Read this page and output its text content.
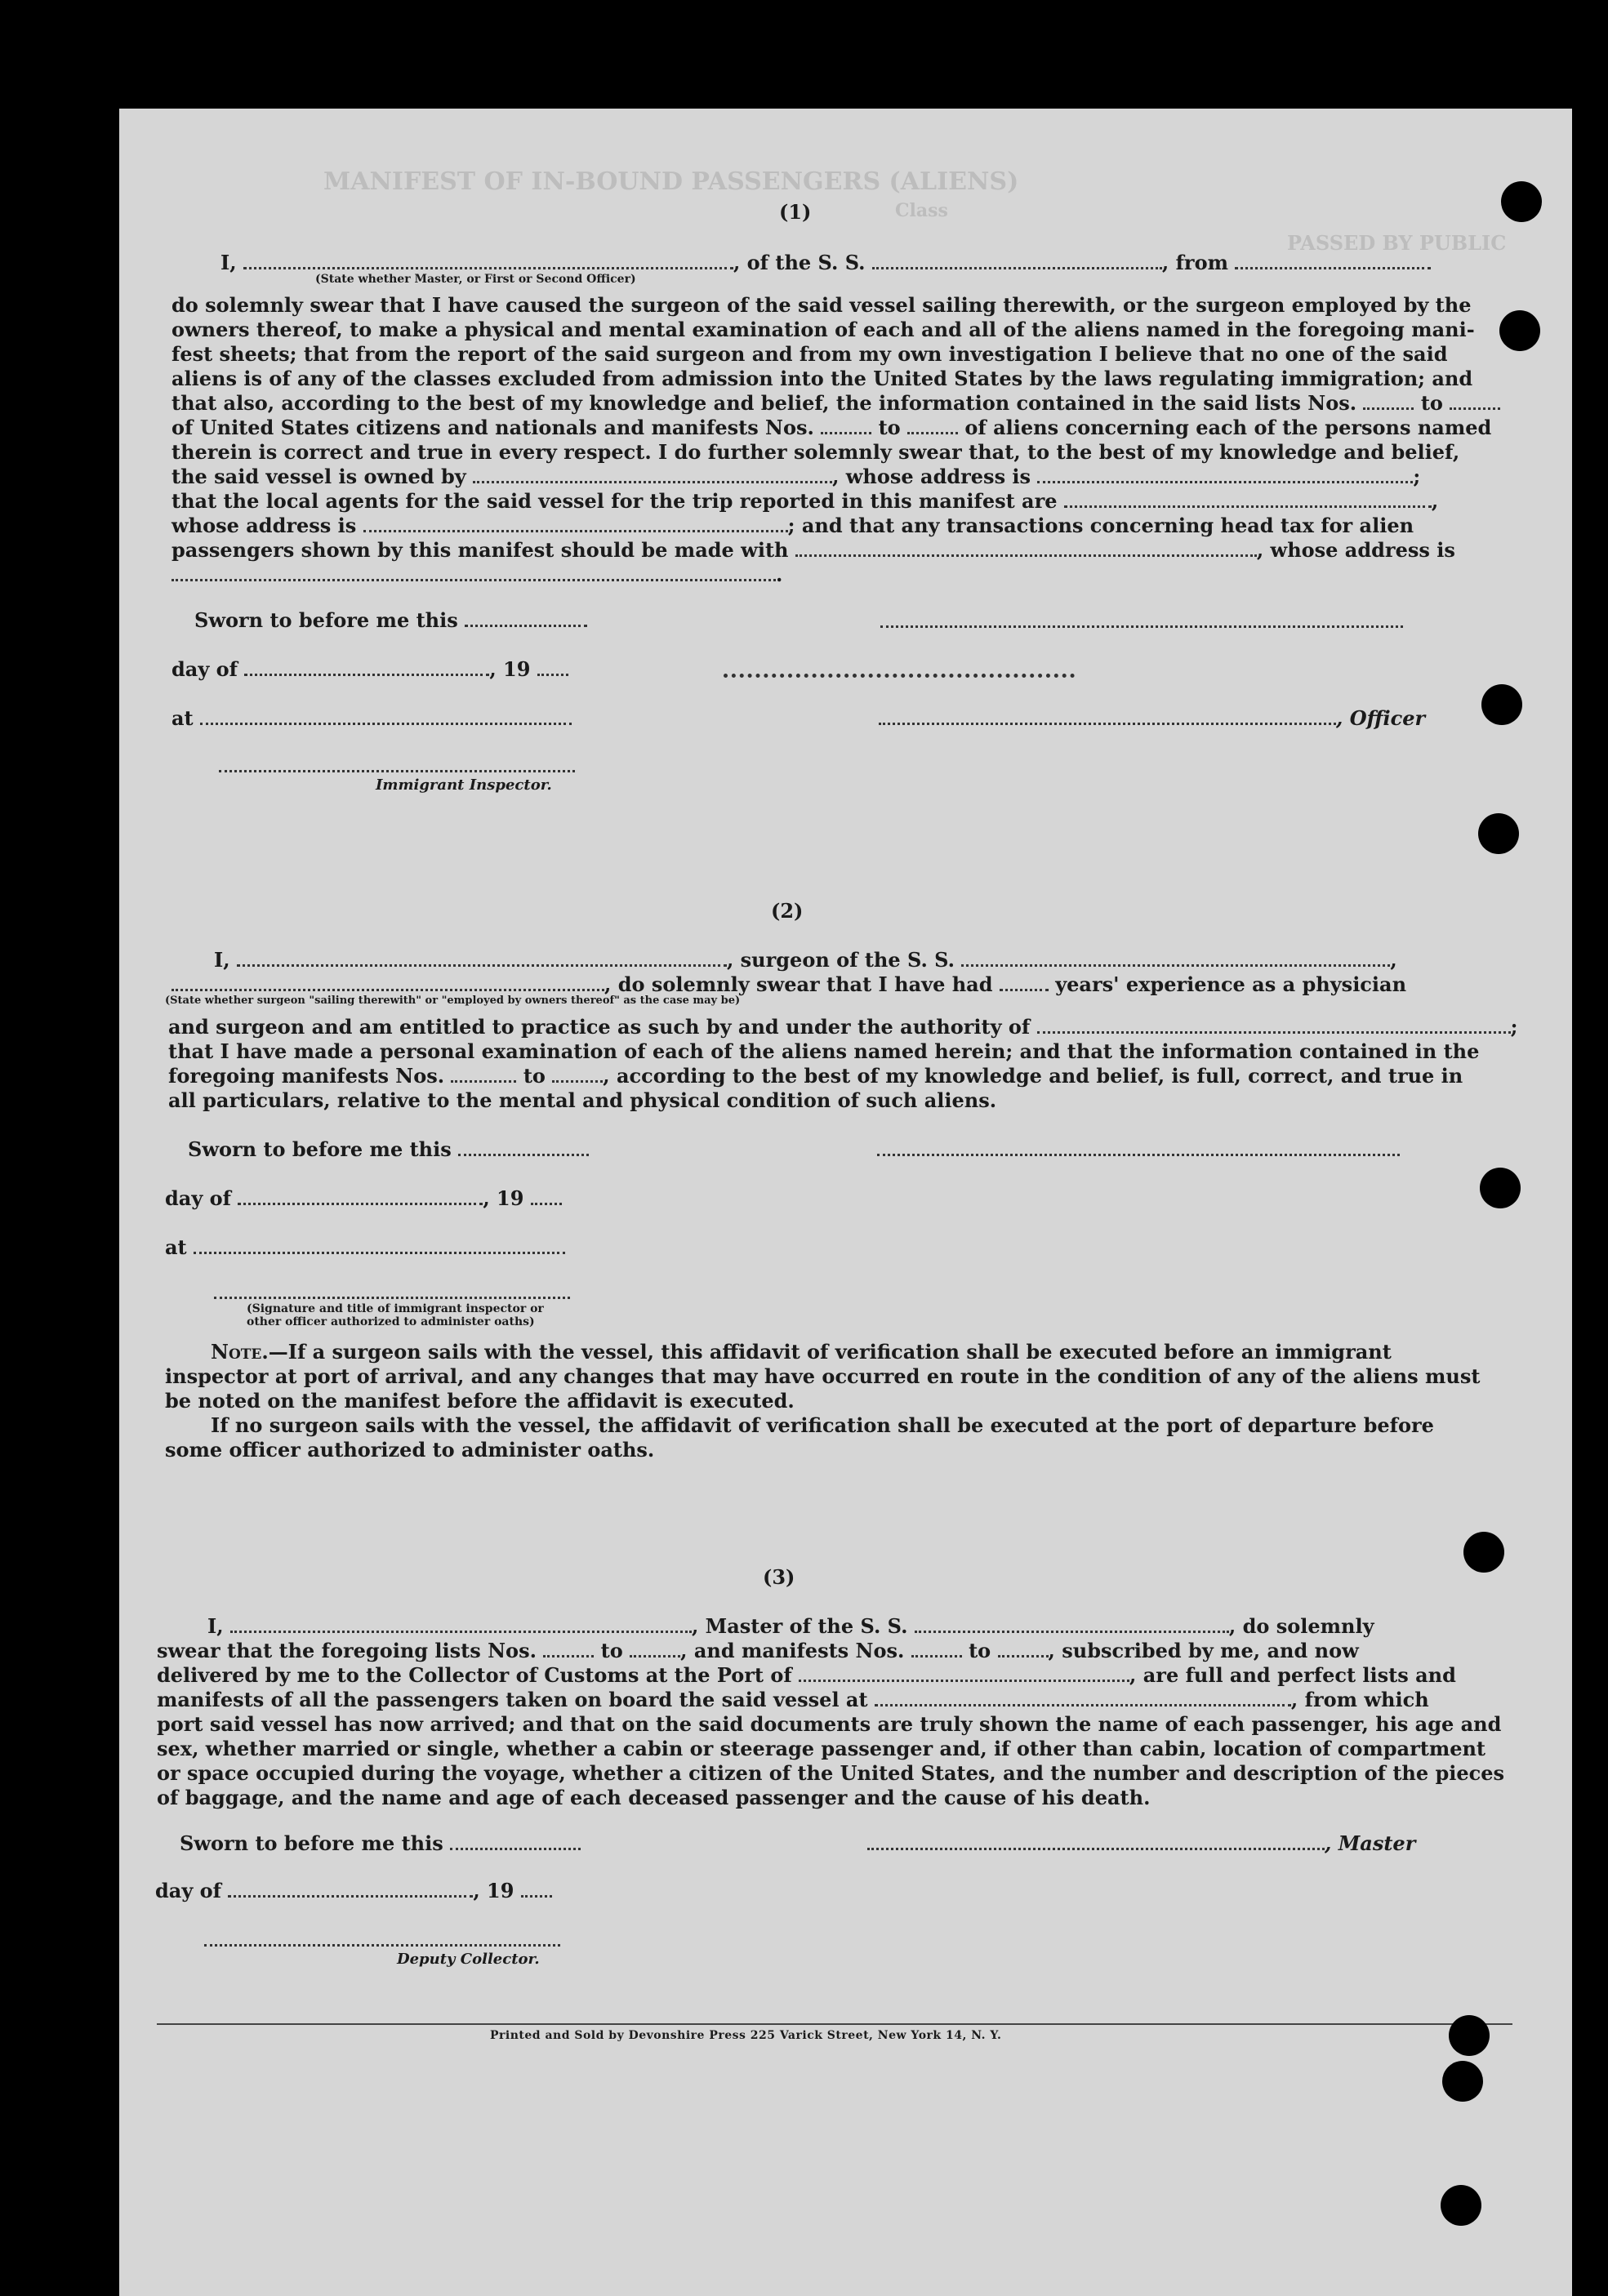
MANIFEST OF IN-BOUND PASSENGERS (ALIENS)
Class
PASSED BY PUBLIC
(1)
I,	, of the S. S.	, from
(State whether Master, or First or Second Officer)

do solemnly swear that I have caused the surgeon of the said vessel sailing therewith, or the surgeon employed by the

owners thereof, to make a physical and mental examination of each and all of the aliens named in the foregoing mani-

fest sheets; that from the report of the said surgeon and from my own investigation I believe that no one of the said

aliens is of any of the classes excluded from admission into the United States by the laws regulating immigration; and

that also, according to the best of my knowledge and belief, the information contained in the said lists Nos.	to
of United States citizens and nationals and manifests Nos.	to	of aliens concerning each of the persons named

therein is correct and true in every respect. I do further solemnly swear that, to the best of my knowledge and belief,

the said vessel is owned by	, whose address is	;
that the local agents for the said vessel for the trip reported in this manifest are	,
whose address is	; and that any transactions concerning head tax for alien
passengers shown by this manifest should be made with	, whose address is
.
Sworn to before me this
day of	, 19
at	, Officer
Immigrant Inspector.
(2)
I,	, surgeon of the S. S.	,
, do solemnly swear that I have had	years' experience as a physician
(State whether surgeon "sailing therewith" or "employed by owners thereof" as the case may be)
and surgeon and am entitled to practice as such by and under the authority of	;

that I have made a personal examination of each of the aliens named herein; and that the information contained in the

foregoing manifests Nos.	to	, according to the best of my knowledge and belief, is full, correct, and true in
all particulars, relative to the mental and physical condition of such aliens.
Sworn to before me this
day of	, 19
at
(Signature and title of immigrant inspector or
other officer authorized to administer oaths)

Note.—If a surgeon sails with the vessel, this affidavit of verification shall be executed before an immigrant

inspector at port of arrival, and any changes that may have occurred en route in the condition of any of the aliens must

be noted on the manifest before the affidavit is executed.

If no surgeon sails with the vessel, the affidavit of verification shall be executed at the port of departure before

some officer authorized to administer oaths.

(3)
I,	, Master of the S. S.	, do solemnly
swear that the foregoing lists Nos.	to	, and manifests Nos.	to	, subscribed by me, and now
delivered by me to the Collector of Customs at the Port of	, are full and perfect lists and
manifests of all the passengers taken on board the said vessel at	, from which

port said vessel has now arrived; and that on the said documents are truly shown the name of each passenger, his age and

sex, whether married or single, whether a cabin or steerage passenger and, if other than cabin, location of compartment

or space occupied during the voyage, whether a citizen of the United States, and the number and description of the pieces

of baggage, and the name and age of each deceased passenger and the cause of his death.

Sworn to before me this	, Master
day of	, 19
Deputy Collector.
Printed and Sold by Devonshire Press 225 Varick Street, New York 14, N. Y.
